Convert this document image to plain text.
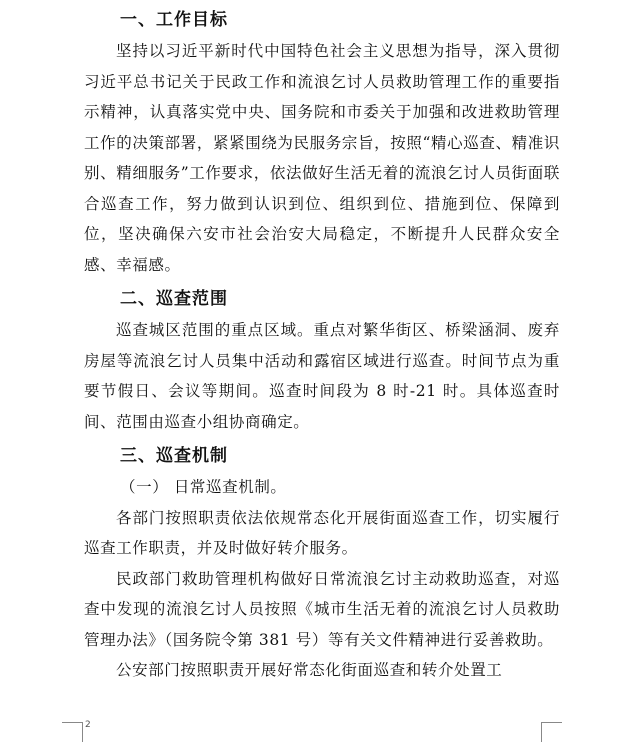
一、工作目标

坚持以习近平新时代中国特色社会主义思想为指导，深入贯彻习近平总书记关于民政工作和流浪乞讨人员救助管理工作的重要指示精神，认真落实党中央、国务院和市委关于加强和改进救助管理工作的决策部署，紧紧围绕为民服务宗旨，按照“精心巡查、精准识别、精细服务”工作要求，依法做好生活无着的流浪乞讨人员街面联合巡查工作，努力做到认识到位、组织到位、措施到位、保障到位，坚决确保六安市社会治安大局稳定，不断提升人民群众安全感、幸福感。

二、巡查范围

巡查城区范围的重点区域。重点对繁华街区、桥梁涵洞、废弃房屋等流浪乞讨人员集中活动和露宿区域进行巡查。时间节点为重要节假日、会议等期间。巡查时间段为 8 时-21 时。具体巡查时间、范围由巡查小组协商确定。

三、巡查机制

（一） 日常巡查机制。

各部门按照职责依法依规常态化开展街面巡查工作，切实履行巡查工作职责，并及时做好转介服务。

民政部门救助管理机构做好日常流浪乞讨主动救助巡查，对巡查中发现的流浪乞讨人员按照《城市生活无着的流浪乞讨人员救助管理办法》（国务院令第 381 号）等有关文件精神进行妥善救助。

公安部门按照职责开展好常态化街面巡查和转介处置工

2
